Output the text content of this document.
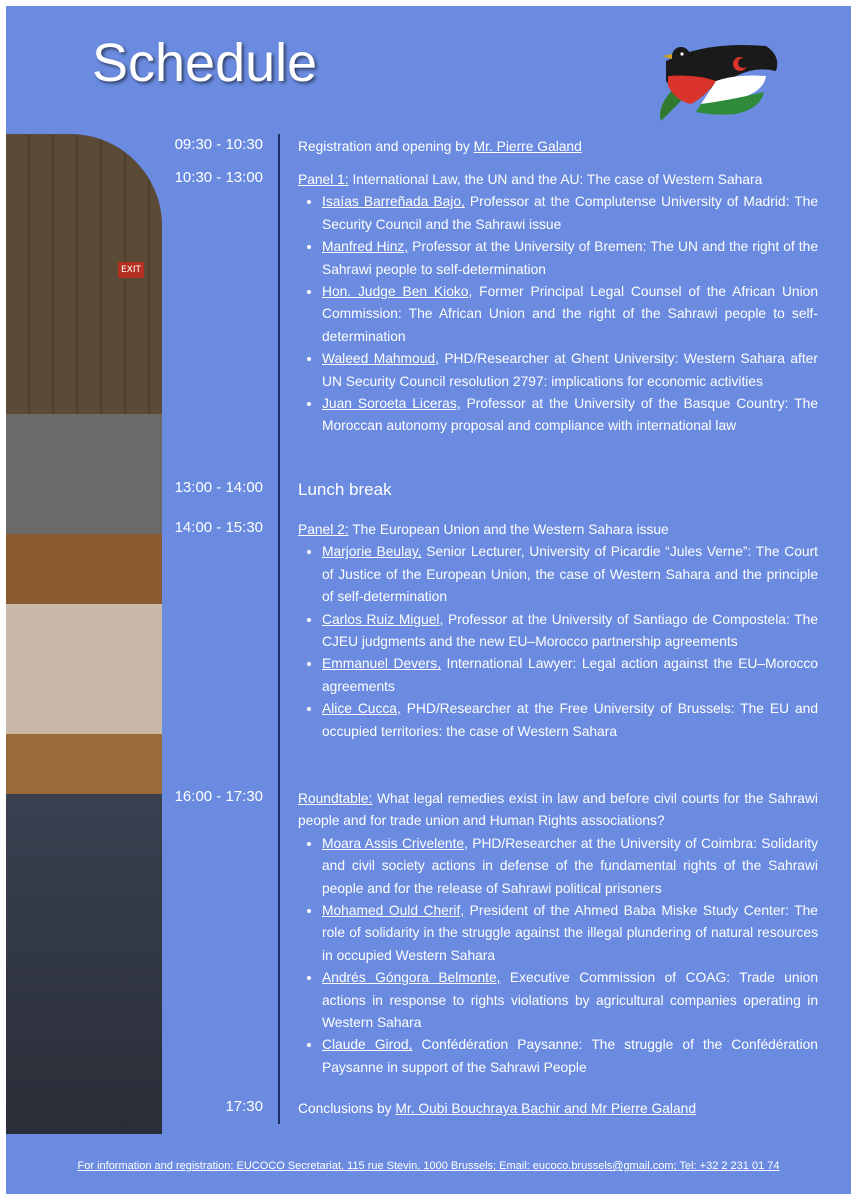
EXIT
Schedule
09:30 - 10:30	Registration and opening by Mr. Pierre Galand
10:30 - 13:00	Panel 1: International Law, the UN and the AU: The case of Western Sahara
• Isaías Barreñada Bajo, Professor at the Complutense University of Madrid: The Security Council and the Sahrawi issue
• Manfred Hinz, Professor at the University of Bremen: The UN and the right of the Sahrawi people to self-determination
• Hon. Judge Ben Kioko, Former Principal Legal Counsel of the African Union Commission: The African Union and the right of the Sahrawi people to self-determination
• Waleed Mahmoud, PHD/Researcher at Ghent University: Western Sahara after UN Security Council resolution 2797: implications for economic activities
• Juan Soroeta Liceras, Professor at the University of the Basque Country: The Moroccan autonomy proposal and compliance with international law
13:00 - 14:00 Lunch break
14:00 - 15:30	Panel 2: The European Union and the Western Sahara issue
• Marjorie Beulay, Senior Lecturer, University of Picardie “Jules Verne”: The Court of Justice of the European Union, the case of Western Sahara and the principle of self-determination
• Carlos Ruiz Miguel, Professor at the University of Santiago de Compostela: The CJEU judgments and the new EU–Morocco partnership agreements
• Emmanuel Devers, International Lawyer: Legal action against the EU–Morocco agreements
• Alice Cucca, PHD/Researcher at the Free University of Brussels: The EU and occupied territories: the case of Western Sahara
16:00 - 17:30	Roundtable: What legal remedies exist in law and before civil courts for the Sahrawi people and for trade union and Human Rights associations?
• Moara Assis Crivelente, PHD/Researcher at the University of Coimbra: Solidarity and civil society actions in defense of the fundamental rights of the Sahrawi people and for the release of Sahrawi political prisoners
• Mohamed Ould Cherif, President of the Ahmed Baba Miske Study Center: The role of solidarity in the struggle against the illegal plundering of natural resources in occupied Western Sahara
• Andrés Góngora Belmonte, Executive Commission of COAG: Trade union actions in response to rights violations by agricultural companies operating in Western Sahara
• Claude Girod, Confédération Paysanne: The struggle of the Confédération Paysanne in support of the Sahrawi People
17:30	Conclusions by Mr. Oubi Bouchraya Bachir and Mr Pierre Galand
For information and registration: EUCOCO Secretariat, 115 rue Stevin, 1000 Brussels; Email: eucoco.brussels@gmail.com; Tel: +32 2 231 01 74
